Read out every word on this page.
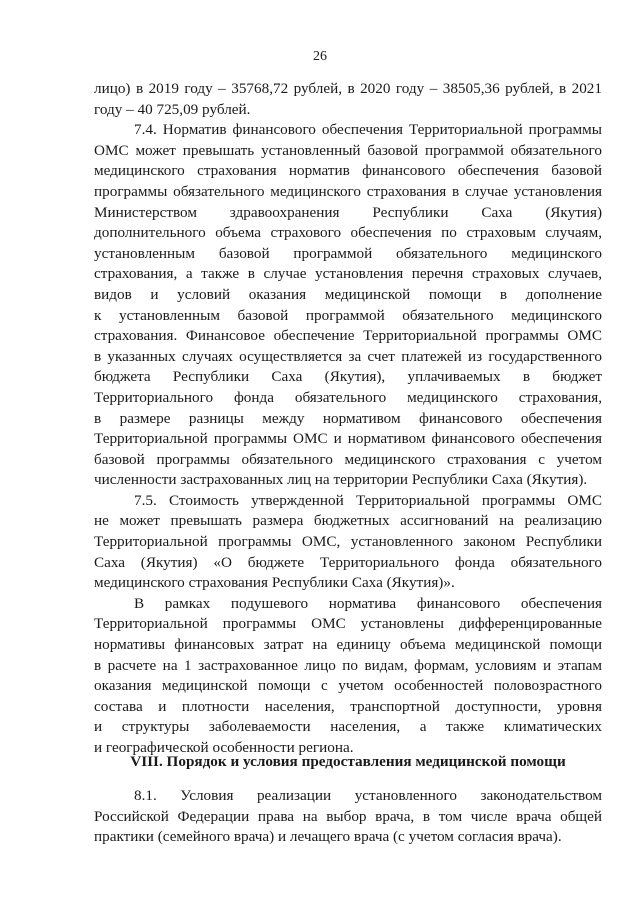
26
лицо) в 2019 году – 35768,72 рублей, в 2020 году – 38505,36 рублей, в 2021
году – 40 725,09 рублей.
7.4. Норматив финансового обеспечения Территориальной программы
ОМС может превышать установленный базовой программой обязательного
медицинского страхования норматив финансового обеспечения базовой
программы обязательного медицинского страхования в случае установления
Министерством здравоохранения Республики Саха (Якутия)
дополнительного объема страхового обеспечения по страховым случаям,
установленным базовой программой обязательного медицинского
страхования, а также в случае установления перечня страховых случаев,
видов и условий оказания медицинской помощи в дополнение
к установленным базовой программой обязательного медицинского
страхования. Финансовое обеспечение Территориальной программы ОМС
в указанных случаях осуществляется за счет платежей из государственного
бюджета Республики Саха (Якутия), уплачиваемых в бюджет
Территориального фонда обязательного медицинского страхования,
в размере разницы между нормативом финансового обеспечения
Территориальной программы ОМС и нормативом финансового обеспечения
базовой программы обязательного медицинского страхования с учетом
численности застрахованных лиц на территории Республики Саха (Якутия).
7.5. Стоимость утвержденной Территориальной программы ОМС
не может превышать размера бюджетных ассигнований на реализацию
Территориальной программы ОМС, установленного законом Республики
Саха (Якутия) «О бюджете Территориального фонда обязательного
медицинского страхования Республики Саха (Якутия)».
В рамках подушевого норматива финансового обеспечения
Территориальной программы ОМС установлены дифференцированные
нормативы финансовых затрат на единицу объема медицинской помощи
в расчете на 1 застрахованное лицо по видам, формам, условиям и этапам
оказания медицинской помощи с учетом особенностей половозрастного
состава и плотности населения, транспортной доступности, уровня
и структуры заболеваемости населения, а также климатических
и географической особенности региона.
VIII. Порядок и условия предоставления медицинской помощи
8.1. Условия реализации установленного законодательством
Российской Федерации права на выбор врача, в том числе врача общей
практики (семейного врача) и лечащего врача (с учетом согласия врача).
